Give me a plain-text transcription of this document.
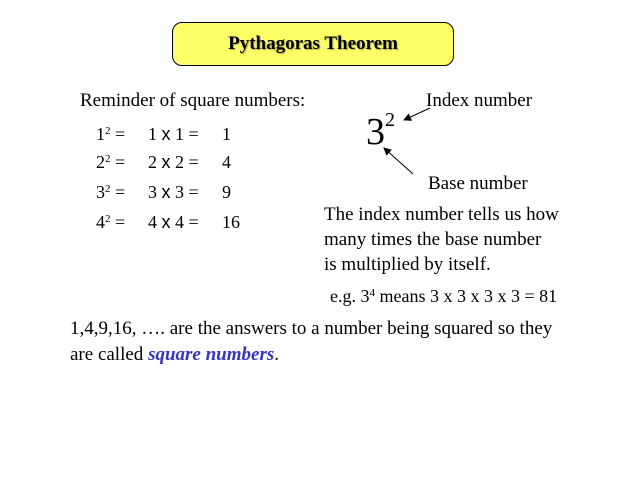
Pythagoras Theorem
Reminder of square numbers:
$1^2 = 1$ x 1 = 1
$2^2 = 2$ x 2 = 4
$3^2 = 3$ x 3 = 9
$4^2 = 4$ x 4 = 16
32
Index number
Base number
The index number tells us how
many times the base number
is multiplied by itself.
e.g. $3^4$ means 3 x 3 x 3 x 3 = 81
1,4,9,16, …. are the answers to a number being squared so they
are called square numbers.
